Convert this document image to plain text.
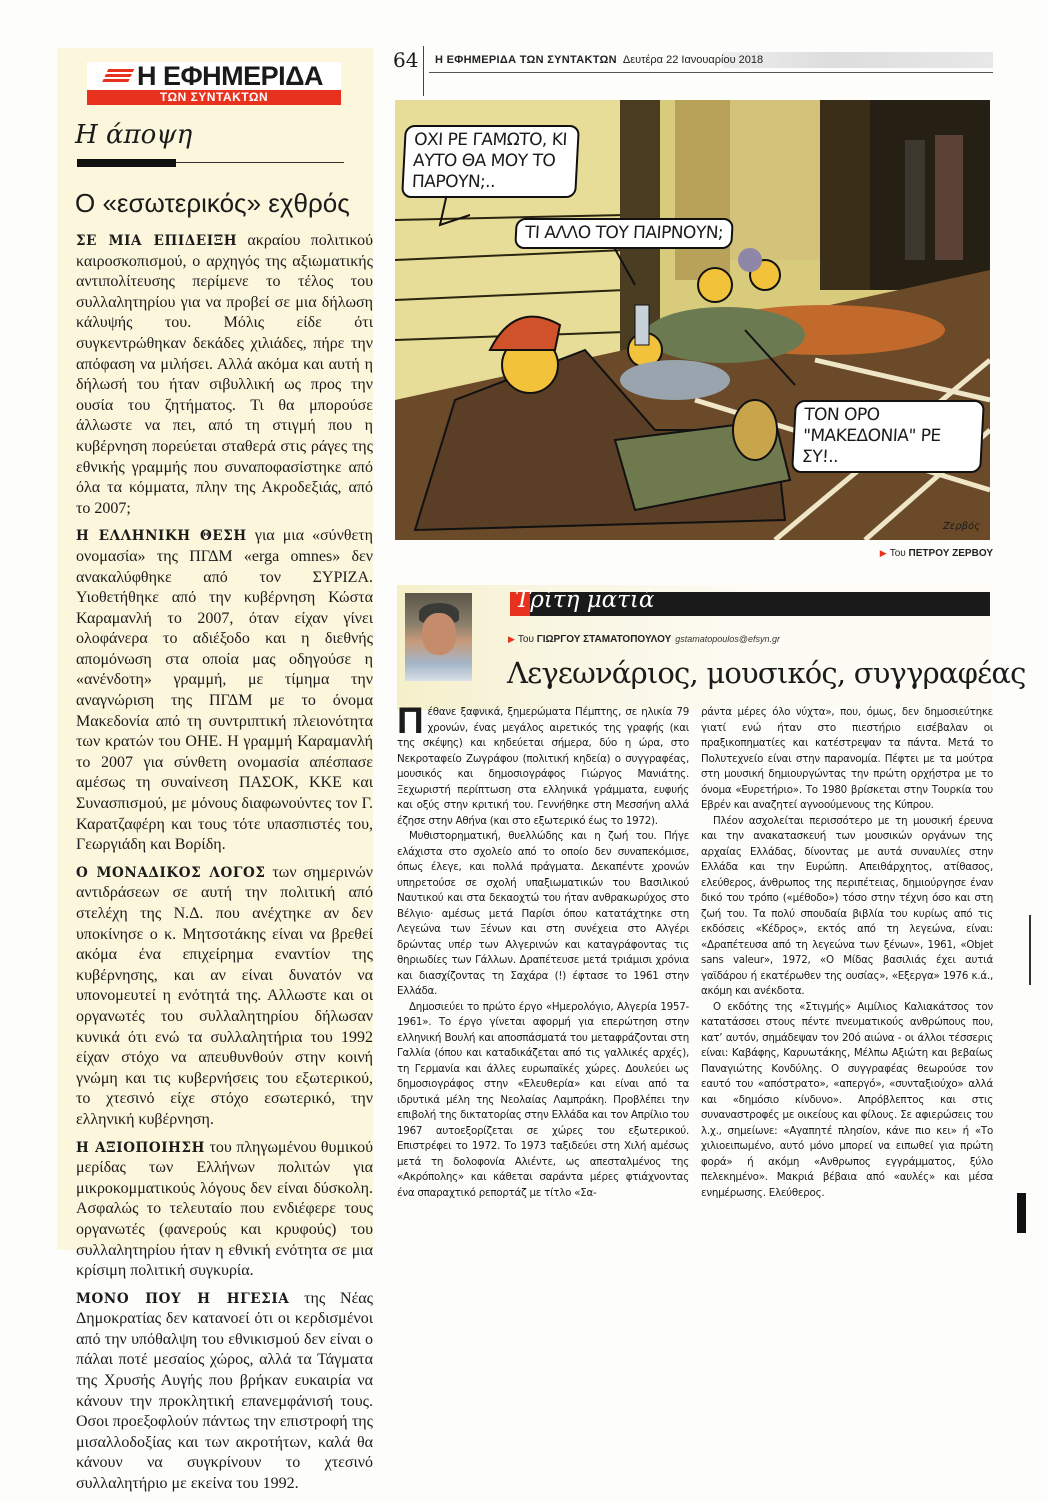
Η ΕΦΗΜΕΡΙΔΑ
ΤΩΝ ΣΥΝΤΑΚΤΩΝ
Η άποψη
Ο «εσωτερικός» εχθρός

ΣΕ ΜΙΑ ΕΠΙΔΕΙΞΗ ακραίου πολιτικού καιροσκοπισμού, ο αρχηγός της αξιωματικής αντιπολίτευσης περίμενε το τέλος του συλλαλητηρίου για να προβεί σε μια δήλωση κάλυψής του. Μόλις είδε ότι συγκεντρώθηκαν δεκάδες χιλιάδες, πήρε την απόφαση να μιλήσει. Αλλά ακόμα και αυτή η δήλωσή του ήταν σιβυλλική ως προς την ουσία του ζητήματος. Τι θα μπορούσε άλλωστε να πει, από τη στιγμή που η κυβέρνηση πορεύεται σταθερά στις ράγες της εθνικής γραμμής που συναποφασίστηκε από όλα τα κόμματα, πλην της Ακροδεξιάς, από το 2007;

Η ΕΛΛΗΝΙΚΗ ΘΕΣΗ για μια «σύνθετη ονομασία» της ΠΓΔΜ «erga omnes» δεν ανακαλύφθηκε από τον ΣΥΡΙΖΑ. Υιοθετήθηκε από την κυβέρνηση Κώστα Καραμανλή το 2007, όταν είχαν γίνει ολοφάνερα το αδιέξοδο και η διεθνής απομόνωση στα οποία μας οδηγούσε η «ανένδοτη» γραμμή, με τίμημα την αναγνώριση της ΠΓΔΜ με το όνομα Μακεδονία από τη συντριπτική πλειονότητα των κρατών του ΟΗΕ. Η γραμμή Καραμανλή το 2007 για σύνθετη ονομασία απέσπασε αμέσως τη συναίνεση ΠΑΣΟΚ, ΚΚΕ και Συνασπισμού, με μόνους διαφωνούντες τον Γ. Καρατζαφέρη και τους τότε υπασπιστές του, Γεωργιάδη και Βορίδη.

Ο ΜΟΝΑΔΙΚΟΣ ΛΟΓΟΣ των σημερινών αντιδράσεων σε αυτή την πολιτική από στελέχη της Ν.Δ. που ανέχτηκε αν δεν υποκίνησε ο κ. Μητσοτάκης είναι να βρεθεί ακόμα ένα επιχείρημα εναντίον της κυβέρνησης, και αν είναι δυνατόν να υπονομευτεί η ενότητά της. Αλλωστε και οι οργανωτές του συλλαλητηρίου δήλωσαν κυνικά ότι ενώ τα συλλαλητήρια του 1992 είχαν στόχο να απευθυνθούν στην κοινή γνώμη και τις κυβερνήσεις του εξωτερικού, το χτεσινό είχε στόχο εσωτερικό, την ελληνική κυβέρνηση.

Η ΑΞΙΟΠΟΙΗΣΗ του πληγωμένου θυμικού μερίδας των Ελλήνων πολιτών για μικροκομματικούς λόγους δεν είναι δύσκολη. Ασφαλώς το τελευταίο που ενδιέφερε τους οργανωτές (φανερούς και κρυφούς) του συλλαλητηρίου ήταν η εθνική ενότητα σε μια κρίσιμη πολιτική συγκυρία.

ΜΟΝΟ ΠΟΥ Η ΗΓΕΣΙΑ της Νέας Δημοκρατίας δεν κατανοεί ότι οι κερδισμένοι από την υπόθαλψη του εθνικισμού δεν είναι ο πάλαι ποτέ μεσαίος χώρος, αλλά τα Τάγματα της Χρυσής Αυγής που βρήκαν ευκαιρία να κάνουν την προκλητική επανεμφάνισή τους. Οσοι προεξοφλούν πάντως την επιστροφή της μισαλλοδοξίας και των ακροτήτων, καλά θα κάνουν να συγκρίνουν το χτεσινό συλλαλητήριο με εκείνα του 1992.

64 Η ΕΦΗΜΕΡΙΔΑ ΤΩΝ ΣΥΝΤΑΚΤΩΝ Δευτέρα 22 Ιανουαρίου 2018
ΟΧΙ ΡΕ ΓΑΜΩΤΟ, ΚΙ ΑΥΤΟ ΘΑ ΜΟΥ ΤΟ ΠΑΡΟΥΝ;..
ΤΙ ΑΛΛΟ ΤΟΥ ΠΑΙΡΝΟΥΝ;
ΤΟΝ ΟΡΟ "ΜΑΚΕΔΟΝΙΑ" ΡΕ ΣΥ!..
Ζερβός
▶ Του ΠΕΤΡΟΥ ΖΕΡΒΟΥ
Τρίτη ματιά
▶ Του ΓΙΩΡΓΟΥ ΣΤΑΜΑΤΟΠΟΥΛΟΥ gstamatopoulos@efsyn.gr
Λεγεωνάριος, μουσικός, συγγραφέας

Πέθανε ξαφνικά, ξημερώματα Πέμπτης, σε ηλικία 79 χρονών, ένας μεγάλος αιρετικός της γραφής (και της σκέψης) και κηδεύεται σήμερα, δύο η ώρα, στο Νεκροταφείο Ζωγράφου (πολιτική κηδεία) ο συγγραφέας, μουσικός και δημοσιογράφος Γιώργος Μανιάτης. Ξεχωριστή περίπτωση στα ελληνικά γράμματα, ευφυής και οξύς στην κριτική του. Γεννήθηκε στη Μεσσήνη αλλά έζησε στην Αθήνα (και στο εξωτερικό έως το 1972).

Μυθιστορηματική, θυελλώδης και η ζωή του. Πήγε ελάχιστα στο σχολείο από το οποίο δεν συναπεκόμισε, όπως έλεγε, και πολλά πράγματα. Δεκαπέντε χρονών υπηρετούσε σε σχολή υπαξιωματικών του Βασιλικού Ναυτικού και στα δεκαοχτώ του ήταν ανθρακωρύχος στο Βέλγιο· αμέσως μετά Παρίσι όπου κατατάχτηκε στη Λεγεώνα των Ξένων και στη συνέχεια στο Αλγέρι δρώντας υπέρ των Αλγερινών και καταγράφοντας τις θηριωδίες των Γάλλων. Δραπέτευσε μετά τριάμισι χρόνια και διασχίζοντας τη Σαχάρα (!) έφτασε το 1961 στην Ελλάδα.

Δημοσιεύει το πρώτο έργο «Ημερολόγιο, Αλγερία 1957-1961». Το έργο γίνεται αφορμή για επερώτηση στην ελληνική Βουλή και αποσπάσματά του μεταφράζονται στη Γαλλία (όπου και καταδικάζεται από τις γαλλικές αρχές), τη Γερμανία και άλλες ευρωπαϊκές χώρες. Δουλεύει ως δημοσιογράφος στην «Ελευθερία» και είναι από τα ιδρυτικά μέλη της Νεολαίας Λαμπράκη. Προβλέπει την επιβολή της δικτατορίας στην Ελλάδα και τον Απρίλιο του 1967 αυτοεξορίζεται σε χώρες του εξωτερικού. Επιστρέφει το 1972. Το 1973 ταξιδεύει στη Χιλή αμέσως μετά τη δολοφονία Αλιέντε, ως απεσταλμένος της «Ακρόπολης» και κάθεται σαράντα μέρες φτιάχνοντας ένα σπαραχτικό ρεπορτάζ με τίτλο «Σα-

ράντα μέρες όλο νύχτα», που, όμως, δεν δημοσιεύτηκε γιατί ενώ ήταν στο πιεστήριο εισέβαλαν οι πραξικοπηματίες και κατέστρεψαν τα πάντα. Μετά το Πολυτεχνείο είναι στην παρανομία. Πέφτει με τα μούτρα στη μουσική δημιουργώντας την πρώτη ορχήστρα με το όνομα «Ευρετήριο». Το 1980 βρίσκεται στην Τουρκία του Εβρέν και αναζητεί αγνοούμενους της Κύπρου.

Πλέον ασχολείται περισσότερο με τη μουσική έρευνα και την ανακατασκευή των μουσικών οργάνων της αρχαίας Ελλάδας, δίνοντας με αυτά συναυλίες στην Ελλάδα και την Ευρώπη. Απειθάρχητος, ατίθασος, ελεύθερος, άνθρωπος της περιπέτειας, δημιούργησε έναν δικό του τρόπο («μέθοδο») τόσο στην τέχνη όσο και στη ζωή του. Τα πολύ σπουδαία βιβλία του κυρίως από τις εκδόσεις «Κέδρος», εκτός από τη λεγεώνα, είναι: «Δραπέτευσα από τη λεγεώνα των ξένων», 1961, «Objet sans valeur», 1972, «Ο Μίδας βασιλιάς έχει αυτιά γαϊδάρου ή εκατέρωθεν της ουσίας», «Εξεργα» 1976 κ.ά., ακόμη και ανέκδοτα.

Ο εκδότης της «Στιγμής» Αιμίλιος Καλιακάτσος τον κατατάσσει στους πέντε πνευματικούς ανθρώπους που, κατ’ αυτόν, σημάδεψαν τον 20ό αιώνα - οι άλλοι τέσσερις είναι: Καβάφης, Καρυωτάκης, Μέλπω Αξιώτη και βεβαίως Παναγιώτης Κονδύλης. Ο συγγραφέας θεωρούσε τον εαυτό του «απόστρατο», «απεργό», «συνταξιούχο» αλλά και «δημόσιο κίνδυνο». Απρόβλεπτος και στις συναναστροφές με οικείους και φίλους. Σε αφιερώσεις του λ.χ., σημείωνε: «Αγαπητέ πλησίον, κάνε πιο κει» ή «Το χιλιοειπωμένο, αυτό μόνο μπορεί να ειπωθεί για πρώτη φορά» ή ακόμη «Ανθρωπος εγγράμματος, ξύλο πελεκημένο». Μακριά βέβαια από «αυλές» και μέσα ενημέρωσης. Ελεύθερος.
